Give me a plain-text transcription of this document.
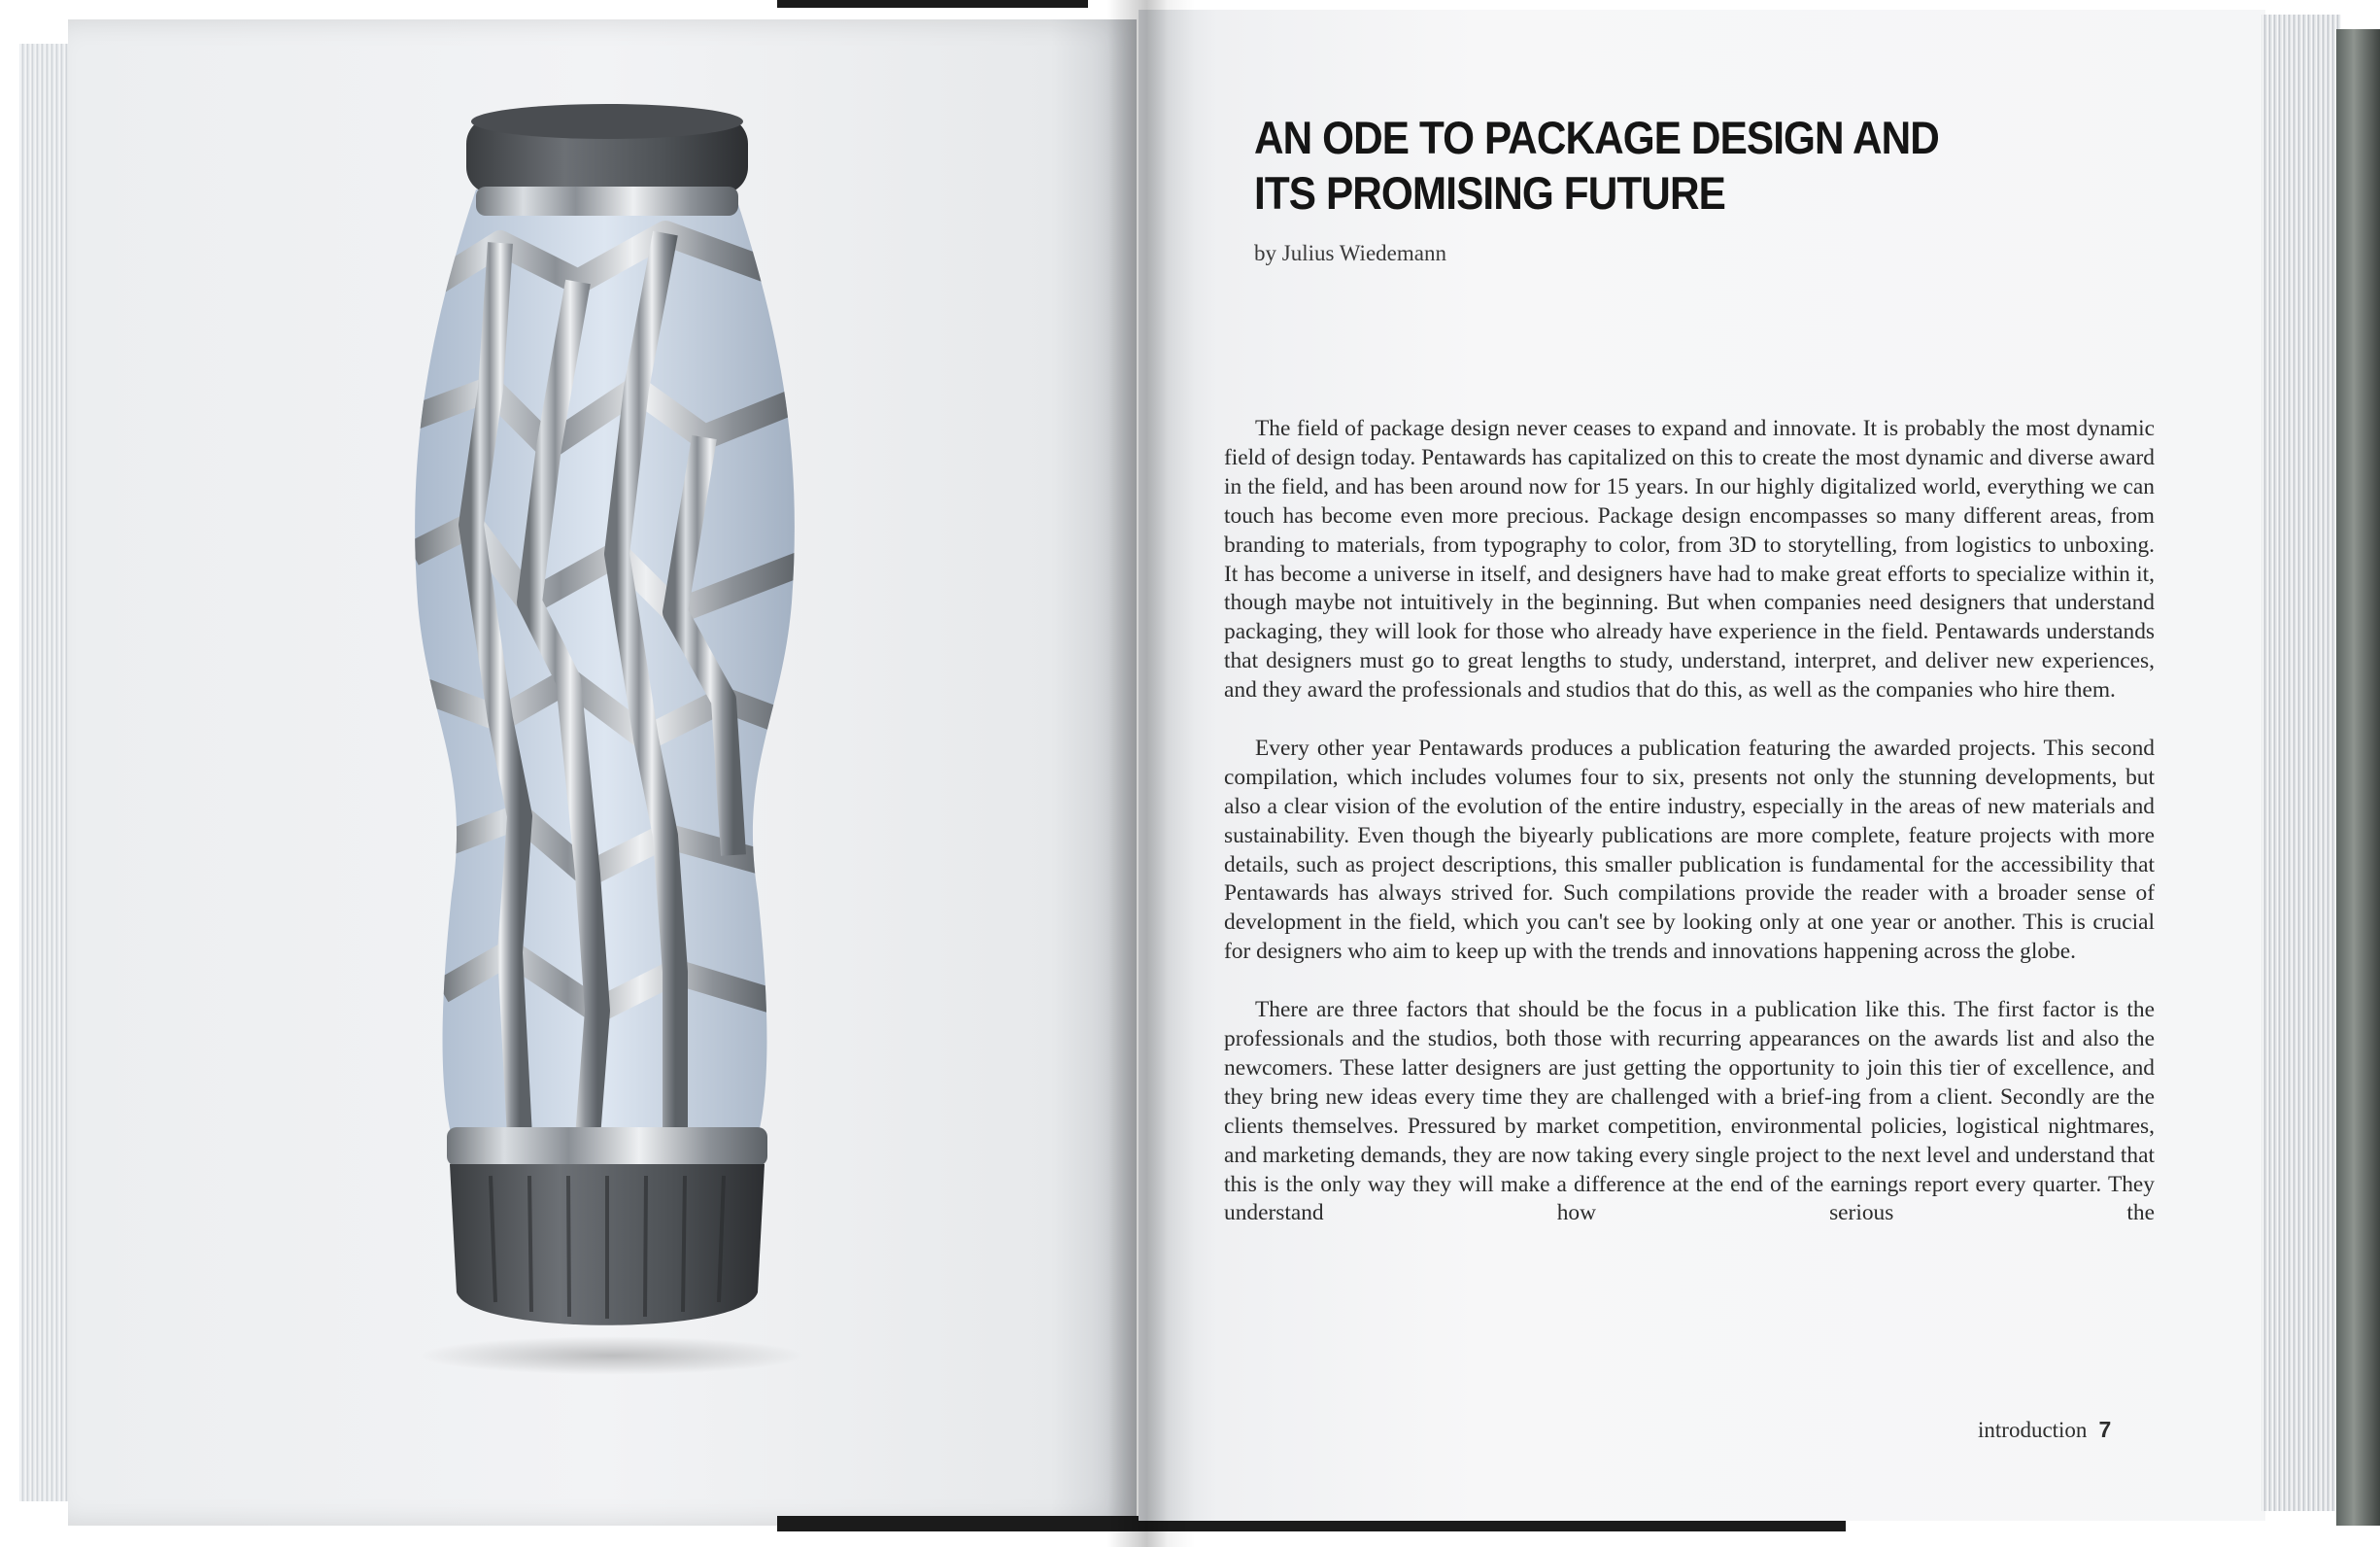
AN ODE TO PACKAGE DESIGN AND
ITS PROMISING FUTURE

by Julius Wiedemann

The field of package design never ceases to expand and innovate. It is probably the most dynamic field of design today. Pentawards has capitalized on this to create the most dynamic and diverse award in the field, and has been around now for 15 years. In our highly digitalized world, everything we can touch has become even more precious. Package design encompasses so many different areas, from branding to materials, from typography to color, from 3D to storytelling, from logistics to unboxing. It has become a universe in itself, and designers have had to make great efforts to specialize within it, though maybe not intuitively in the beginning. But when companies need designers that understand packaging, they will look for those who already have experience in the field. Pentawards understands that designers must go to great lengths to study, understand, interpret, and deliver new experiences, and they award the professionals and studios that do this, as well as the companies who hire them.

Every other year Pentawards produces a publication featuring the awarded projects. This second compilation, which includes volumes four to six, presents not only the stunning developments, but also a clear vision of the evolution of the entire industry, especially in the areas of new materials and sustainability. Even though the biyearly publications are more complete, feature projects with more details, such as project descriptions, this smaller publication is fundamental for the accessibility that Pentawards has always strived for. Such compilations provide the reader with a broader sense of development in the field, which you can't see by looking only at one year or another. This is crucial for designers who aim to keep up with the trends and innovations happening across the globe.

There are three factors that should be the focus in a publication like this. The first factor is the professionals and the studios, both those with recurring appearances on the awards list and also the newcomers. These latter designers are just getting the opportunity to join this tier of excellence, and they bring new ideas every time they are challenged with a brief-ing from a client. Secondly are the clients themselves. Pressured by market competition, environmental policies, logistical nightmares, and marketing demands, they are now taking every single project to the next level and understand that this is the only way they will make a difference at the end of the earnings report every quarter. They understand how serious the

introduction 7
